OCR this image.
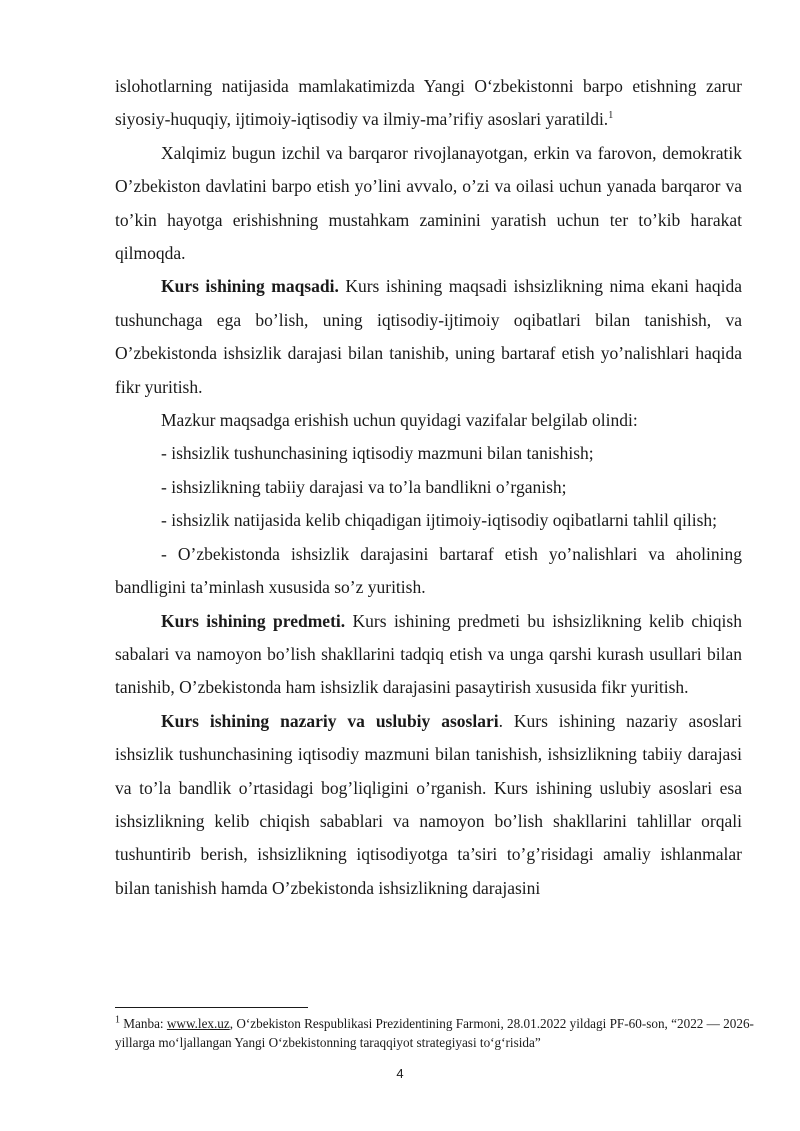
islohotlarning natijasida mamlakatimizda Yangi O‘zbekistonni barpo etishning zarur siyosiy-huquqiy, ijtimoiy-iqtisodiy va ilmiy-ma’rifiy asoslari yaratildi.$^1$

Xalqimiz bugun izchil va barqaror rivojlanayotgan, erkin va farovon, demokratik O’zbekiston davlatini barpo etish yo’lini avvalo, o’zi va oilasi uchun yanada barqaror va to’kin hayotga erishishning mustahkam zaminini yaratish uchun ter to’kib harakat qilmoqda.

Kurs ishining maqsadi. Kurs ishining maqsadi ishsizlikning nima ekani haqida tushunchaga ega bo’lish, uning iqtisodiy-ijtimoiy oqibatlari bilan tanishish, va O’zbekistonda ishsizlik darajasi bilan tanishib, uning bartaraf etish yo’nalishlari haqida fikr yuritish.

Mazkur maqsadga erishish uchun quyidagi vazifalar belgilab olindi:

- ishsizlik tushunchasining iqtisodiy mazmuni bilan tanishish;

- ishsizlikning tabiiy darajasi va to’la bandlikni o’rganish;

- ishsizlik natijasida kelib chiqadigan ijtimoiy-iqtisodiy oqibatlarni tahlil qilish;

- O’zbekistonda ishsizlik darajasini bartaraf etish yo’nalishlari va aholining bandligini ta’minlash xususida so’z yuritish.

Kurs ishining predmeti. Kurs ishining predmeti bu ishsizlikning kelib chiqish sabalari va namoyon bo’lish shakllarini tadqiq etish va unga qarshi kurash usullari bilan tanishib, O’zbekistonda ham ishsizlik darajasini pasaytirish xususida fikr yuritish.

Kurs ishining nazariy va uslubiy asoslari. Kurs ishining nazariy asoslari ishsizlik tushunchasining iqtisodiy mazmuni bilan tanishish, ishsizlikning tabiiy darajasi va to’la bandlik o’rtasidagi bog’liqligini o’rganish. Kurs ishining uslubiy asoslari esa ishsizlikning kelib chiqish sabablari va namoyon bo’lish shakllarini tahlillar orqali tushuntirib berish, ishsizlikning iqtisodiyotga ta’siri to’g’risidagi amaliy ishlanmalar bilan tanishish hamda O’zbekistonda ishsizlikning darajasini

$^1$ Manba: www.lex.uz, O‘zbekiston Respublikasi Prezidentining Farmoni, 28.01.2022 yildagi PF-60-son, “2022 — 2026-yillarga mo‘ljallangan Yangi O‘zbekistonning taraqqiyot strategiyasi to‘g‘risida”

4
